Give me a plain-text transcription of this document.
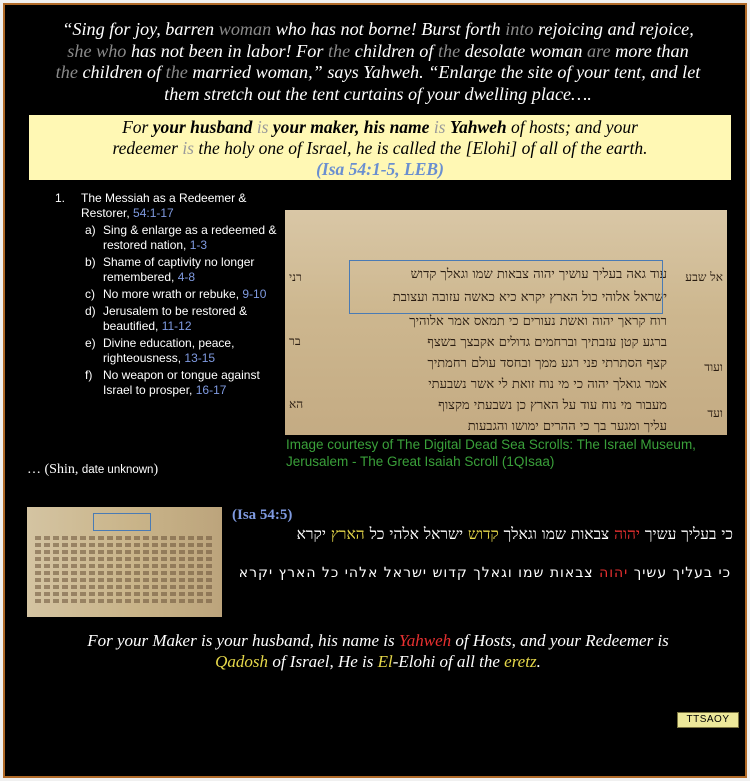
“Sing for joy, barren woman who has not borne! Burst forth into rejoicing and rejoice,
she who has not been in labor! For the children of the desolate woman are more than
the children of the married woman,” says Yahweh. “Enlarge the site of your tent, and let
them stretch out the tent curtains of your dwelling place….
For your husband is your maker, his name is Yahweh of hosts; and your
redeemer is the holy one of Israel, he is called the [Elohi] of all of the earth.
(Isa 54:1-5, LEB)
1. The Messiah as a Redeemer & Restorer, 54:1-17
a) Sing & enlarge as a redeemed & restored nation, 1-3
b) Shame of captivity no longer remembered, 4-8
c) No more wrath or rebuke, 9-10
d) Jerusalem to be restored & beautified, 11-12
e) Divine education, peace, righteousness, 13-15
f) No weapon or tongue against Israel to prosper, 16-17
… (Shin, date unknown)
עוד גאה בעליך עושיך יהוה צבאות שמו וגאלך קדוש
ישראל אלוהי כול הארץ יקרא כיא כאשה עזובה ועצובת
רוח קראך יהוה ואשת נעורים כי תמאס אמר אלוהיך
ברגע קטן עזבתיך וברחמים גדולים אקבצך בשצף
קצף הסתרתי פני רגע ממך ובחסד עולם רחמתיך
אמר גואלך יהוה כי מי נוח זואת לי אשר נשבעתי
מעבור מי נוח עוד על הארץ כן נשבעתי מקצוף
עליך ומגער בך כי ההרים ימושו והגבעות
אל שבע
ועוד
ועד
רני
בר
הא
Image courtesy of The Digital Dead Sea Scrolls: The Israel Museum, Jerusalem - The Great Isaiah Scroll (1QIsaa)
(Isa 54:5)
כי בעליך עשיך יהוה צבאות שמו וגאלך קדוש ישראל אלהי כל הארץ יקרא
כי בעליך עשיך יהוה צבאות שמו וגאלך קדוש ישראל אלהי כל הארץ יקרא
For your Maker is your husband, his name is Yahweh of Hosts, and your Redeemer is
Qadosh of Israel, He is El-Elohi of all the eretz.
TTSAOY
